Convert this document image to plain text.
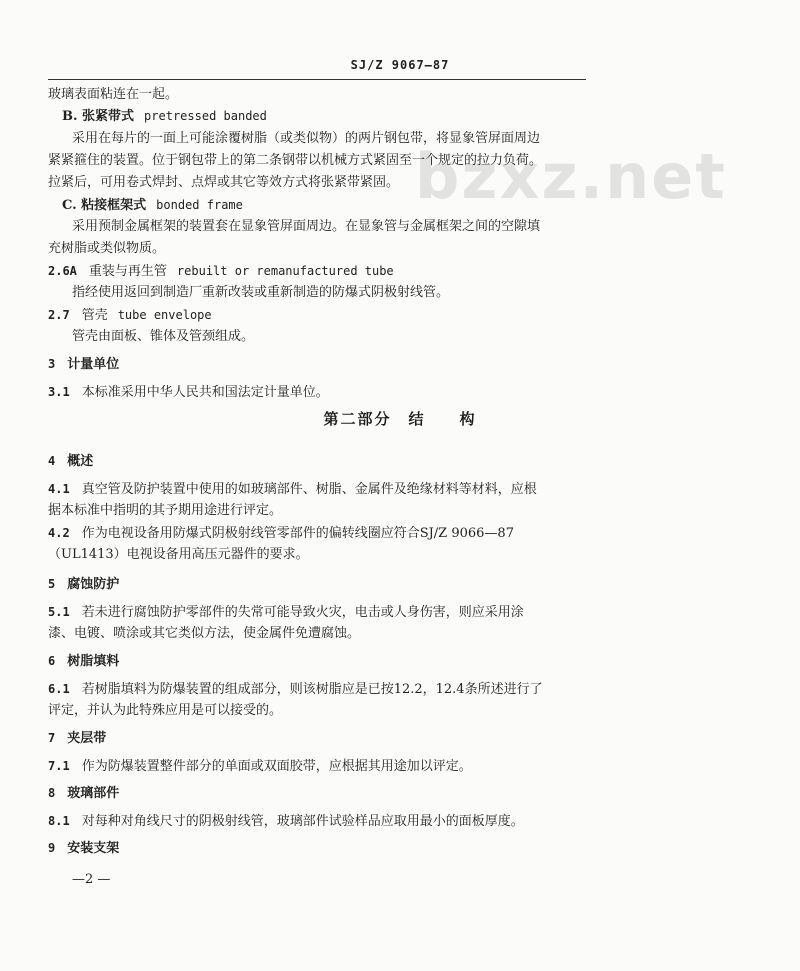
bzxz.net
SJ/Z 9067—87
玻璃表面粘连在一起。
B. 张紧带式 pretressed banded
采用在每片的一面上可能涂覆树脂（或类似物）的两片钢包带，将显象管屏面周边
紧紧箍住的装置。位于钢包带上的第二条钢带以机械方式紧固至一个规定的拉力负荷。
拉紧后，可用卷式焊封、点焊或其它等效方式将张紧带紧固。
C. 粘接框架式 bonded frame
采用预制金属框架的装置套在显象管屏面周边。在显象管与金属框架之间的空隙填
充树脂或类似物质。
2.6A 重装与再生管 rebuilt or remanufactured tube
指经使用返回到制造厂重新改装或重新制造的防爆式阴极射线管。
2.7 管壳 tube envelope
管壳由面板、锥体及管颈组成。
3 计量单位
3.1 本标准采用中华人民共和国法定计量单位。
第二部分　结　　构
4 概述
4.1 真空管及防护装置中使用的如玻璃部件、树脂、金属件及绝缘材料等材料，应根
据本标准中指明的其予期用途进行评定。
4.2 作为电视设备用防爆式阴极射线管零部件的偏转线圈应符合SJ/Z 9066—87
（UL1413）电视设备用高压元器件的要求。
5 腐蚀防护
5.1 若未进行腐蚀防护零部件的失常可能导致火灾，电击或人身伤害，则应采用涂
漆、电镀、喷涂或其它类似方法，使金属件免遭腐蚀。
6 树脂填料
6.1 若树脂填料为防爆装置的组成部分，则该树脂应是已按12.2，12.4条所述进行了
评定，并认为此特殊应用是可以接受的。
7 夹层带
7.1 作为防爆装置整件部分的单面或双面胶带，应根据其用途加以评定。
8 玻璃部件
8.1 对每种对角线尺寸的阴极射线管，玻璃部件试验样品应取用最小的面板厚度。
9 安装支架
—2 —
